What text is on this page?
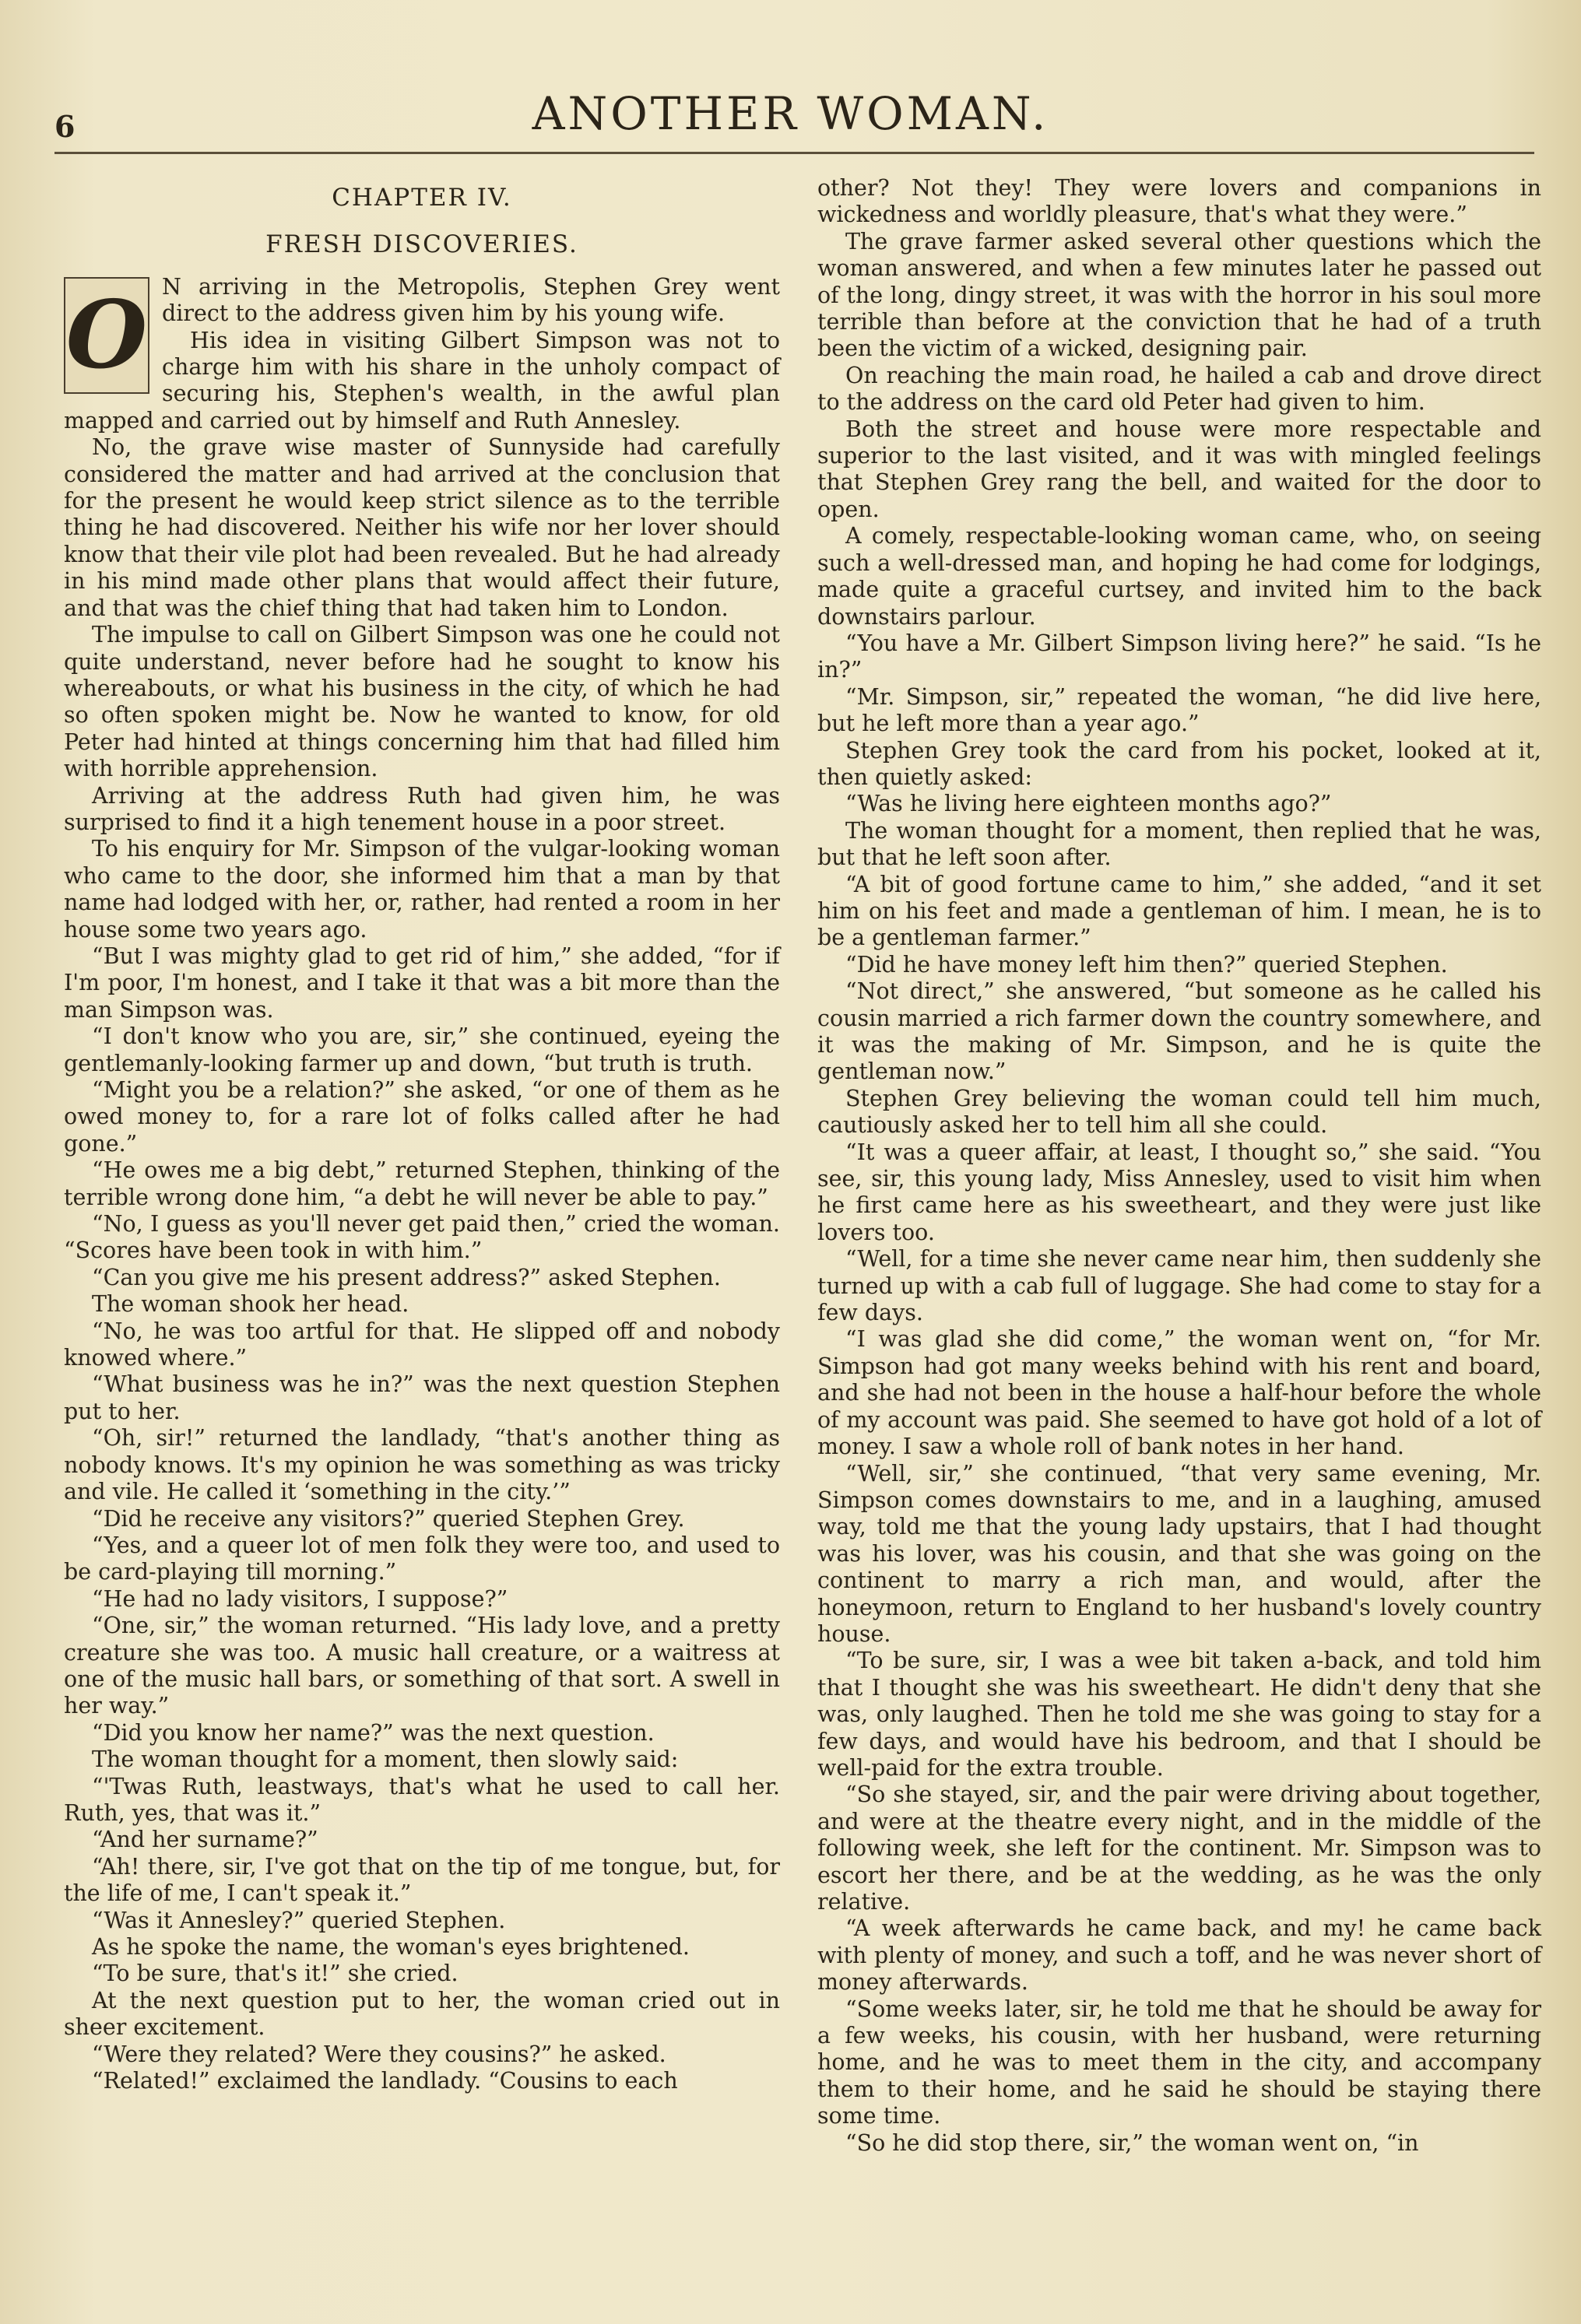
6	ANOTHER WOMAN.
CHAPTER IV.
FRESH DISCOVERIES.
O N arriving in the Metropolis, Stephen Grey went direct to the address given him by his young wife.

His idea in visiting Gilbert Simpson was not to charge him with his share in the unholy compact of securing his, Stephen's wealth, in the awful plan mapped and carried out by himself and Ruth Annesley.

No, the grave wise master of Sunnyside had carefully considered the matter and had arrived at the conclusion that for the present he would keep strict silence as to the terrible thing he had discovered. Neither his wife nor her lover should know that their vile plot had been revealed. But he had already in his mind made other plans that would affect their future, and that was the chief thing that had taken him to London.

The impulse to call on Gilbert Simpson was one he could not quite understand, never before had he sought to know his whereabouts, or what his business in the city, of which he had so often spoken might be. Now he wanted to know, for old Peter had hinted at things concerning him that had filled him with horrible apprehension.

Arriving at the address Ruth had given him, he was surprised to find it a high tenement house in a poor street.

To his enquiry for Mr. Simpson of the vulgar-looking woman who came to the door, she informed him that a man by that name had lodged with her, or, rather, had rented a room in her house some two years ago.

“But I was mighty glad to get rid of him,” she added, “for if I'm poor, I'm honest, and I take it that was a bit more than the man Simpson was.

“I don't know who you are, sir,” she continued, eyeing the gentlemanly-looking farmer up and down, “but truth is truth.

“Might you be a relation?” she asked, “or one of them as he owed money to, for a rare lot of folks called after he had gone.”

“He owes me a big debt,” returned Stephen, thinking of the terrible wrong done him, “a debt he will never be able to pay.”

“No, I guess as you'll never get paid then,” cried the woman. “Scores have been took in with him.”

“Can you give me his present address?” asked Stephen.

The woman shook her head.

“No, he was too artful for that. He slipped off and nobody knowed where.”

“What business was he in?” was the next question Stephen put to her.

“Oh, sir!” returned the landlady, “that's another thing as nobody knows. It's my opinion he was something as was tricky and vile. He called it ‘something in the city.’”

“Did he receive any visitors?” queried Stephen Grey.

“Yes, and a queer lot of men folk they were too, and used to be card-playing till morning.”

“He had no lady visitors, I suppose?”

“One, sir,” the woman returned. “His lady love, and a pretty creature she was too. A music hall creature, or a waitress at one of the music hall bars, or something of that sort. A swell in her way.”

“Did you know her name?” was the next question.

The woman thought for a moment, then slowly said:

“'Twas Ruth, leastways, that's what he used to call her. Ruth, yes, that was it.”

“And her surname?”

“Ah! there, sir, I've got that on the tip of me tongue, but, for the life of me, I can't speak it.”

“Was it Annesley?” queried Stephen.

As he spoke the name, the woman's eyes brightened.

“To be sure, that's it!” she cried.

At the next question put to her, the woman cried out in sheer excitement.

“Were they related? Were they cousins?” he asked.

“Related!” exclaimed the landlady. “Cousins to each

other? Not they! They were lovers and companions in wickedness and worldly pleasure, that's what they were.”

The grave farmer asked several other questions which the woman answered, and when a few minutes later he passed out of the long, dingy street, it was with the horror in his soul more terrible than before at the conviction that he had of a truth been the victim of a wicked, designing pair.

On reaching the main road, he hailed a cab and drove direct to the address on the card old Peter had given to him.

Both the street and house were more respectable and superior to the last visited, and it was with mingled feelings that Stephen Grey rang the bell, and waited for the door to open.

A comely, respectable-looking woman came, who, on seeing such a well-dressed man, and hoping he had come for lodgings, made quite a graceful curtsey, and invited him to the back downstairs parlour.

“You have a Mr. Gilbert Simpson living here?” he said. “Is he in?”

“Mr. Simpson, sir,” repeated the woman, “he did live here, but he left more than a year ago.”

Stephen Grey took the card from his pocket, looked at it, then quietly asked:

“Was he living here eighteen months ago?”

The woman thought for a moment, then replied that he was, but that he left soon after.

“A bit of good fortune came to him,” she added, “and it set him on his feet and made a gentleman of him. I mean, he is to be a gentleman farmer.”

“Did he have money left him then?” queried Stephen.

“Not direct,” she answered, “but someone as he called his cousin married a rich farmer down the country somewhere, and it was the making of Mr. Simpson, and he is quite the gentleman now.”

Stephen Grey believing the woman could tell him much, cautiously asked her to tell him all she could.

“It was a queer affair, at least, I thought so,” she said. “You see, sir, this young lady, Miss Annesley, used to visit him when he first came here as his sweetheart, and they were just like lovers too.

“Well, for a time she never came near him, then suddenly she turned up with a cab full of luggage. She had come to stay for a few days.

“I was glad she did come,” the woman went on, “for Mr. Simpson had got many weeks behind with his rent and board, and she had not been in the house a half-hour before the whole of my account was paid. She seemed to have got hold of a lot of money. I saw a whole roll of bank notes in her hand.

“Well, sir,” she continued, “that very same evening, Mr. Simpson comes downstairs to me, and in a laughing, amused way, told me that the young lady upstairs, that I had thought was his lover, was his cousin, and that she was going on the continent to marry a rich man, and would, after the honeymoon, return to England to her husband's lovely country house.

“To be sure, sir, I was a wee bit taken a-back, and told him that I thought she was his sweetheart. He didn't deny that she was, only laughed. Then he told me she was going to stay for a few days, and would have his bedroom, and that I should be well-paid for the extra trouble.

“So she stayed, sir, and the pair were driving about together, and were at the theatre every night, and in the middle of the following week, she left for the continent. Mr. Simpson was to escort her there, and be at the wedding, as he was the only relative.

“A week afterwards he came back, and my! he came back with plenty of money, and such a toff, and he was never short of money afterwards.

“Some weeks later, sir, he told me that he should be away for a few weeks, his cousin, with her husband, were returning home, and he was to meet them in the city, and accompany them to their home, and he said he should be staying there some time.

“So he did stop there, sir,” the woman went on, “in
